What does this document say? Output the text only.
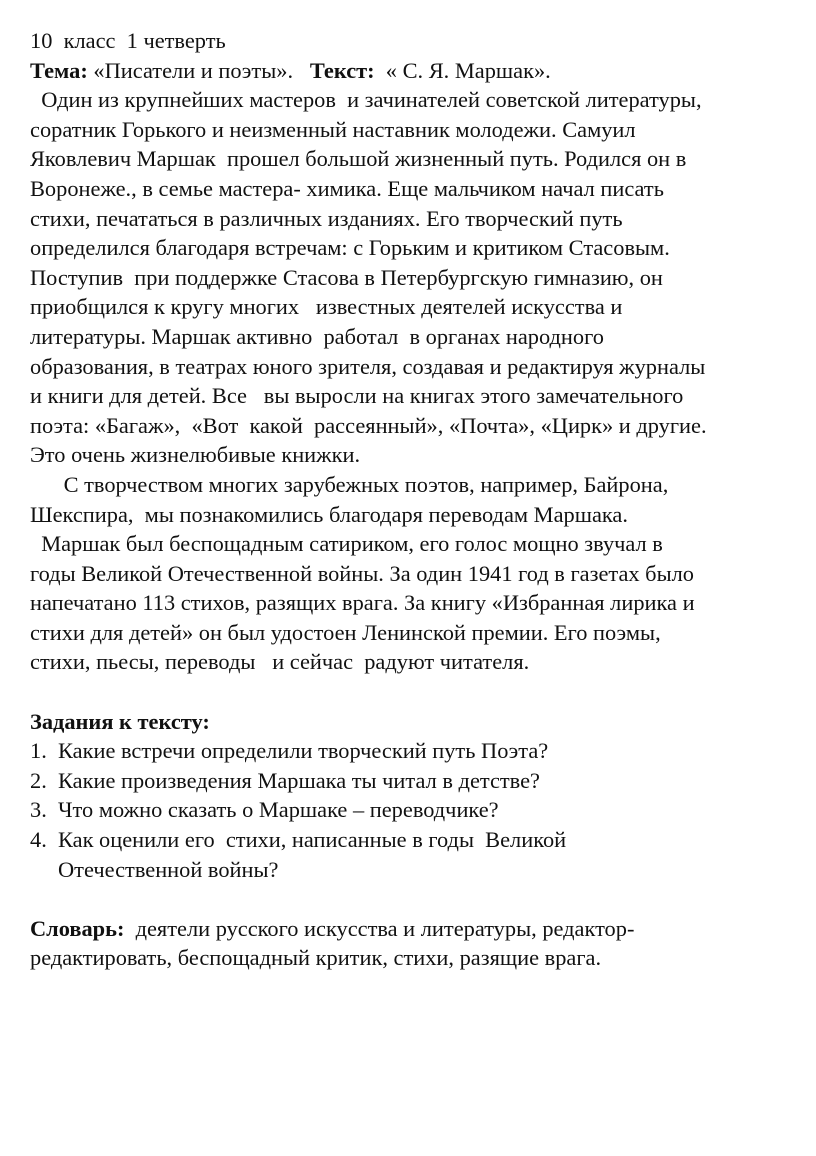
10  класс  1 четверть
Тема: «Писатели и поэты».   Текст:  « С. Я. Маршак».
Один из крупнейших мастеров  и зачинателей советской литературы,
соратник Горького и неизменный наставник молодежи. Самуил
Яковлевич Маршак  прошел большой жизненный путь. Родился он в
Воронеже., в семье мастера- химика. Еще мальчиком начал писать
стихи, печататься в различных изданиях. Его творческий путь
определился благодаря встречам: с Горьким и критиком Стасовым.
Поступив  при поддержке Стасова в Петербургскую гимназию, он
приобщился к кругу многих   известных деятелей искусства и
литературы. Маршак активно  работал  в органах народного
образования, в театрах юного зрителя, создавая и редактируя журналы
и книги для детей. Все   вы выросли на книгах этого замечательного
поэта: «Багаж»,  «Вот  какой  рассеянный», «Почта», «Цирк» и другие.
Это очень жизнелюбивые книжки.
С творчеством многих зарубежных поэтов, например, Байрона,
Шекспира,  мы познакомились благодаря переводам Маршака.
Маршак был беспощадным сатириком, его голос мощно звучал в
годы Великой Отечественной войны. За один 1941 год в газетах было
напечатано 113 стихов, разящих врага. За книгу «Избранная лирика и
стихи для детей» он был удостоен Ленинской премии. Его поэмы,
стихи, пьесы, переводы   и сейчас  радуют читателя.
Задания к тексту:
1. Какие встречи определили творческий путь Поэта?
2. Какие произведения Маршака ты читал в детстве?
3. Что можно сказать о Маршаке – переводчике?
4. Как оценили его  стихи, написанные в годы  Великой
Отечественной войны?
Словарь:  деятели русского искусства и литературы, редактор-
редактировать, беспощадный критик, стихи, разящие врага.
